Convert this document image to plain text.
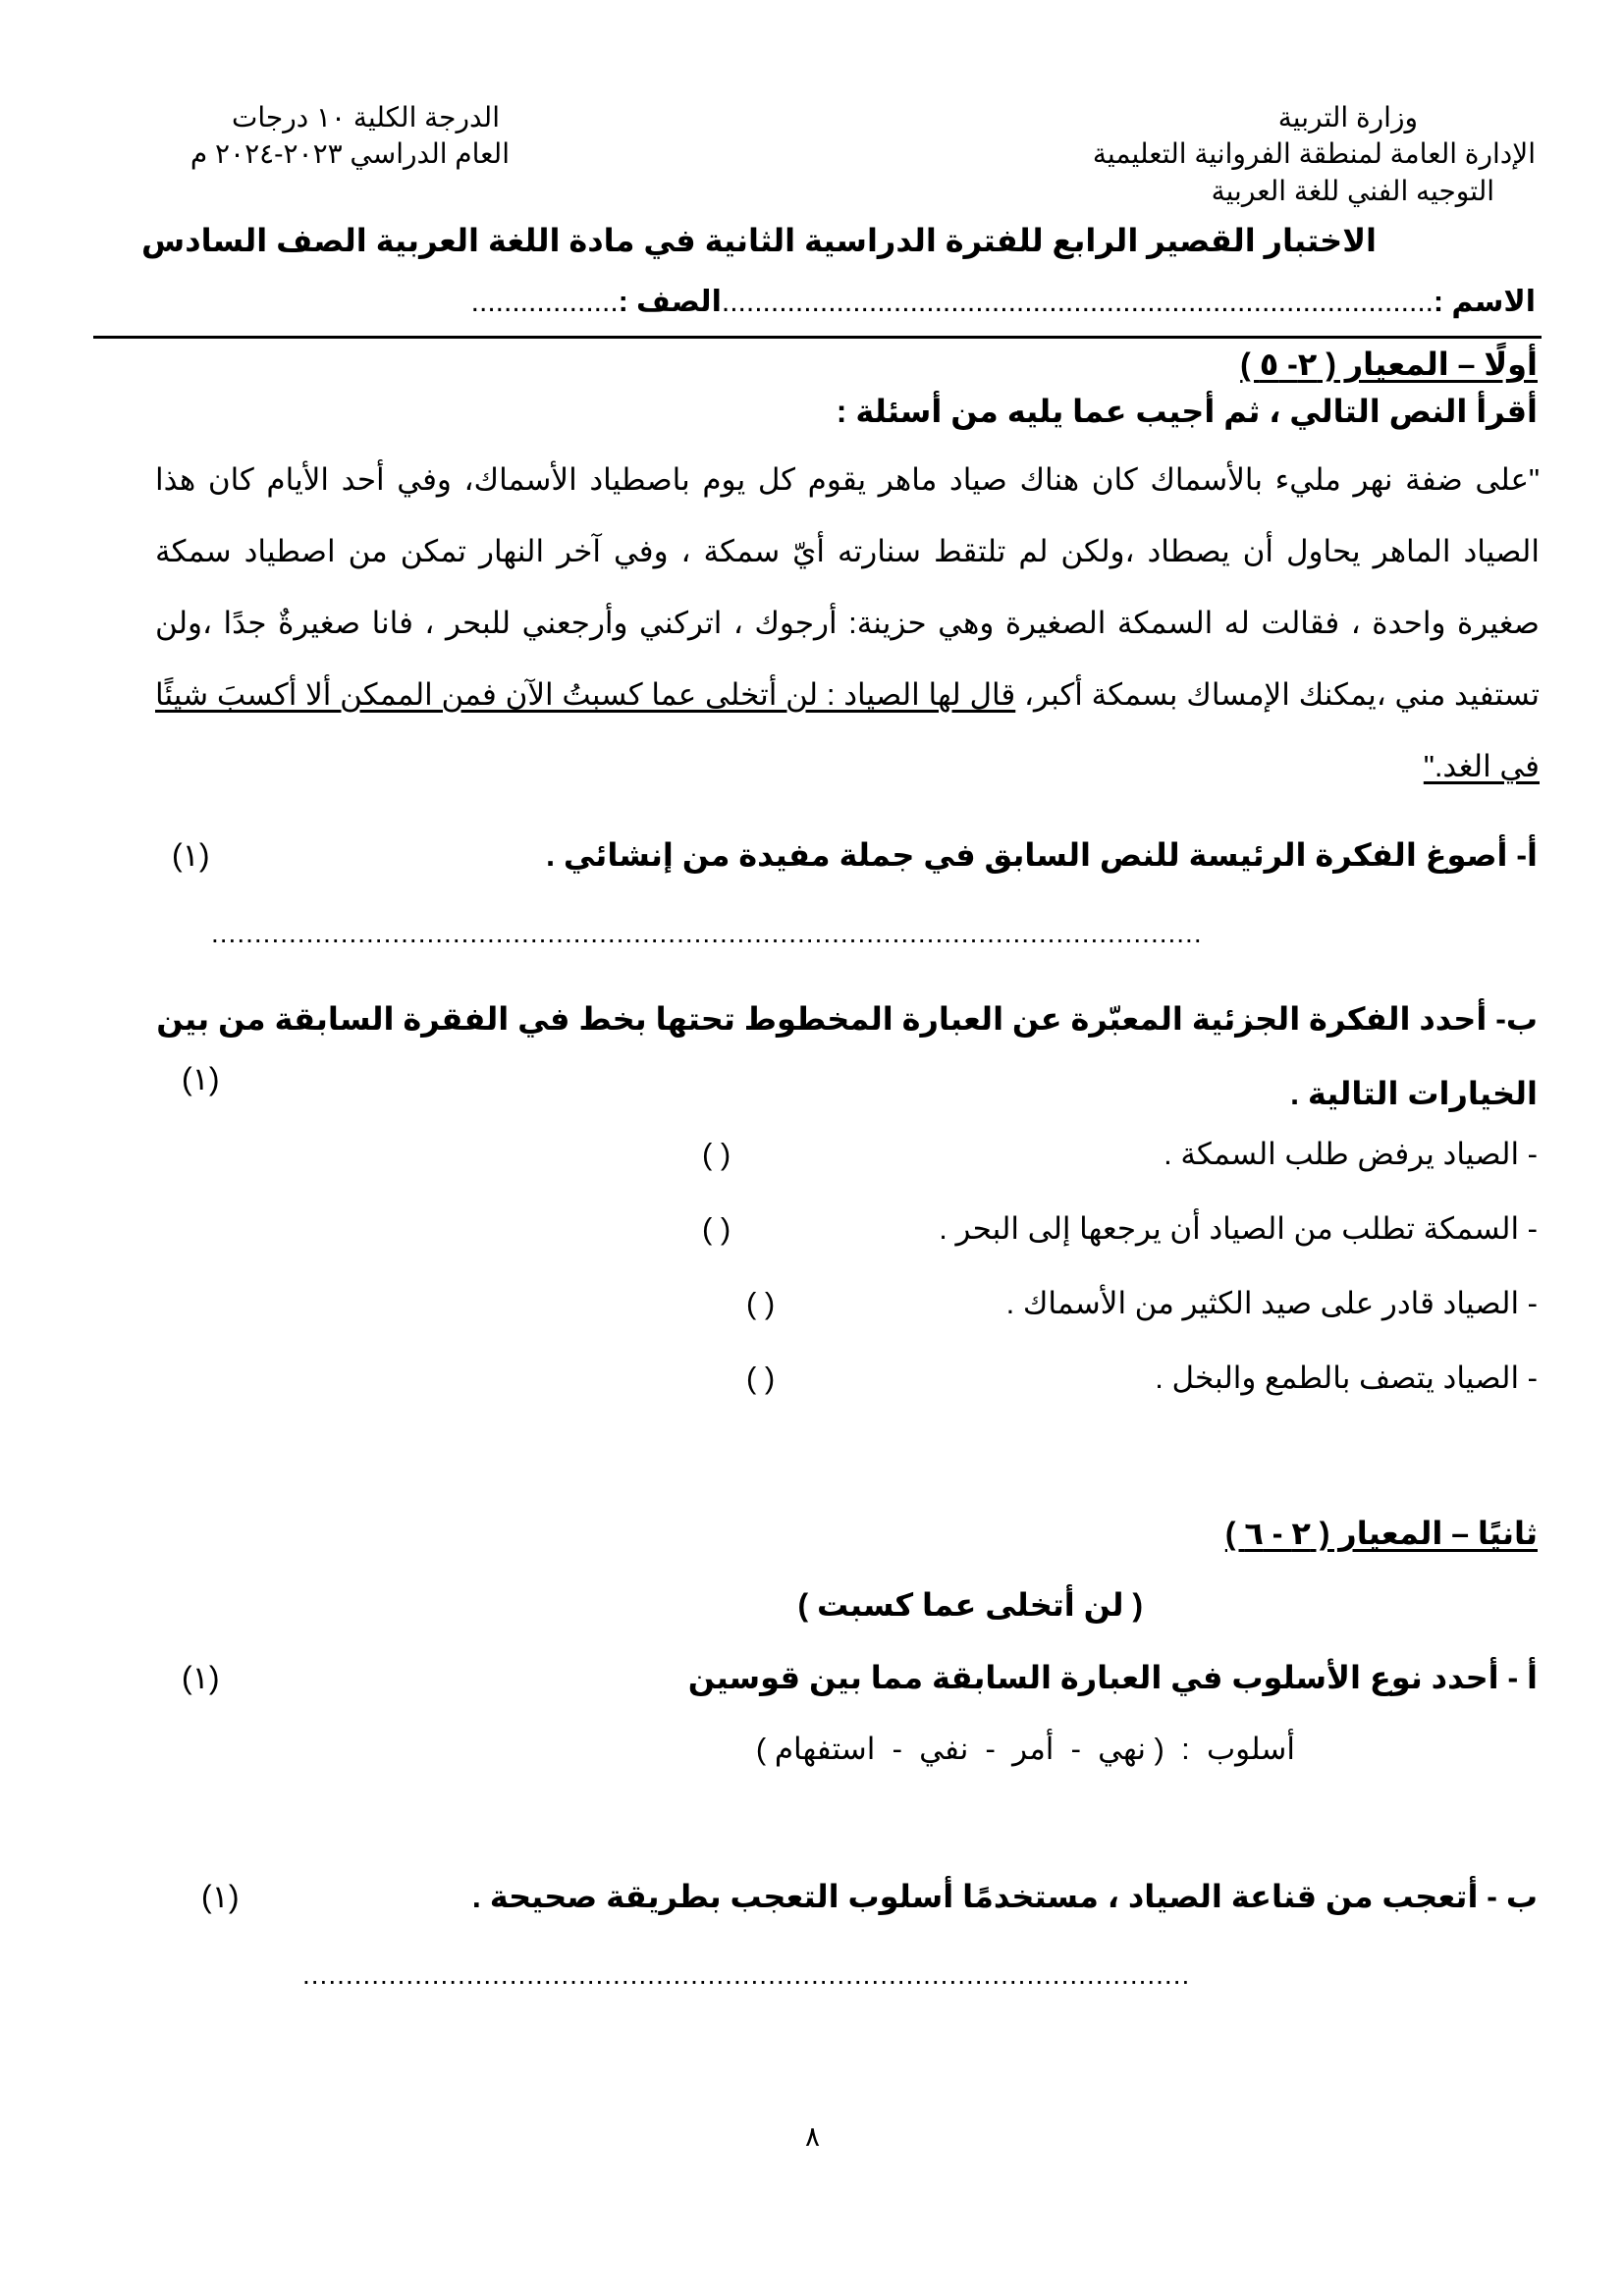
وزارة التربية
الإدارة العامة لمنطقة الفروانية التعليمية
التوجيه الفني للغة العربية
الدرجة الكلية ١٠ درجات
العام الدراسي ٢٠٢٣-٢٠٢٤ م
الاختبار القصير الرابع للفترة الدراسية الثانية في مادة اللغة العربية الصف السادس
الاسم :.......................................................................................الصف :..................
أولًا – المعيار ( ٢- ٥ )
أقرأ النص التالي ، ثم أجيب عما يليه من أسئلة :

"على ضفة نهر مليء بالأسماك كان هناك صياد ماهر يقوم كل يوم باصطياد الأسماك، وفي أحد الأيام كان هذا الصياد الماهر يحاول أن يصطاد ،ولكن لم تلتقط سنارته أيّ سمكة ، وفي آخر النهار تمكن من اصطياد سمكة صغيرة واحدة ، فقالت له السمكة الصغيرة وهي حزينة: أرجوك ، اتركني وأرجعني للبحر ، فانا صغيرةٌ جدًا ،ولن تستفيد مني ،يمكنك الإمساك بسمكة أكبر، قال لها الصياد : لن أتخلى عما كسبتُ الآن فمن الممكن ألا أكسبَ شيئًا في الغد."

أ- أصوغ الفكرة الرئيسة للنص السابق في جملة مفيدة من إنشائي .
(١)
...................................................................................................................
ب- أحدد الفكرة الجزئية المعبّرة عن العبارة المخطوط تحتها بخط في الفقرة السابقة من بين الخيارات التالية .
(١)
- الصياد يرفض طلب السمكة .
( )
- السمكة تطلب من الصياد أن يرجعها إلى البحر .
( )
- الصياد قادر على صيد الكثير من الأسماك .
( )
- الصياد يتصف بالطمع والبخل .
( )
ثانيًا – المعيار ( ٢ - ٦ )
( لن أتخلى عما كسبت )
أ - أحدد نوع الأسلوب في العبارة السابقة مما بين قوسين
(١)
أسلوب  :  ( نهي  -  أمر  -  نفي  -  استفهام )
ب - أتعجب من قناعة الصياد ، مستخدمًا أسلوب التعجب بطريقة صحيحة .
(١)
.......................................................................................................
٨
